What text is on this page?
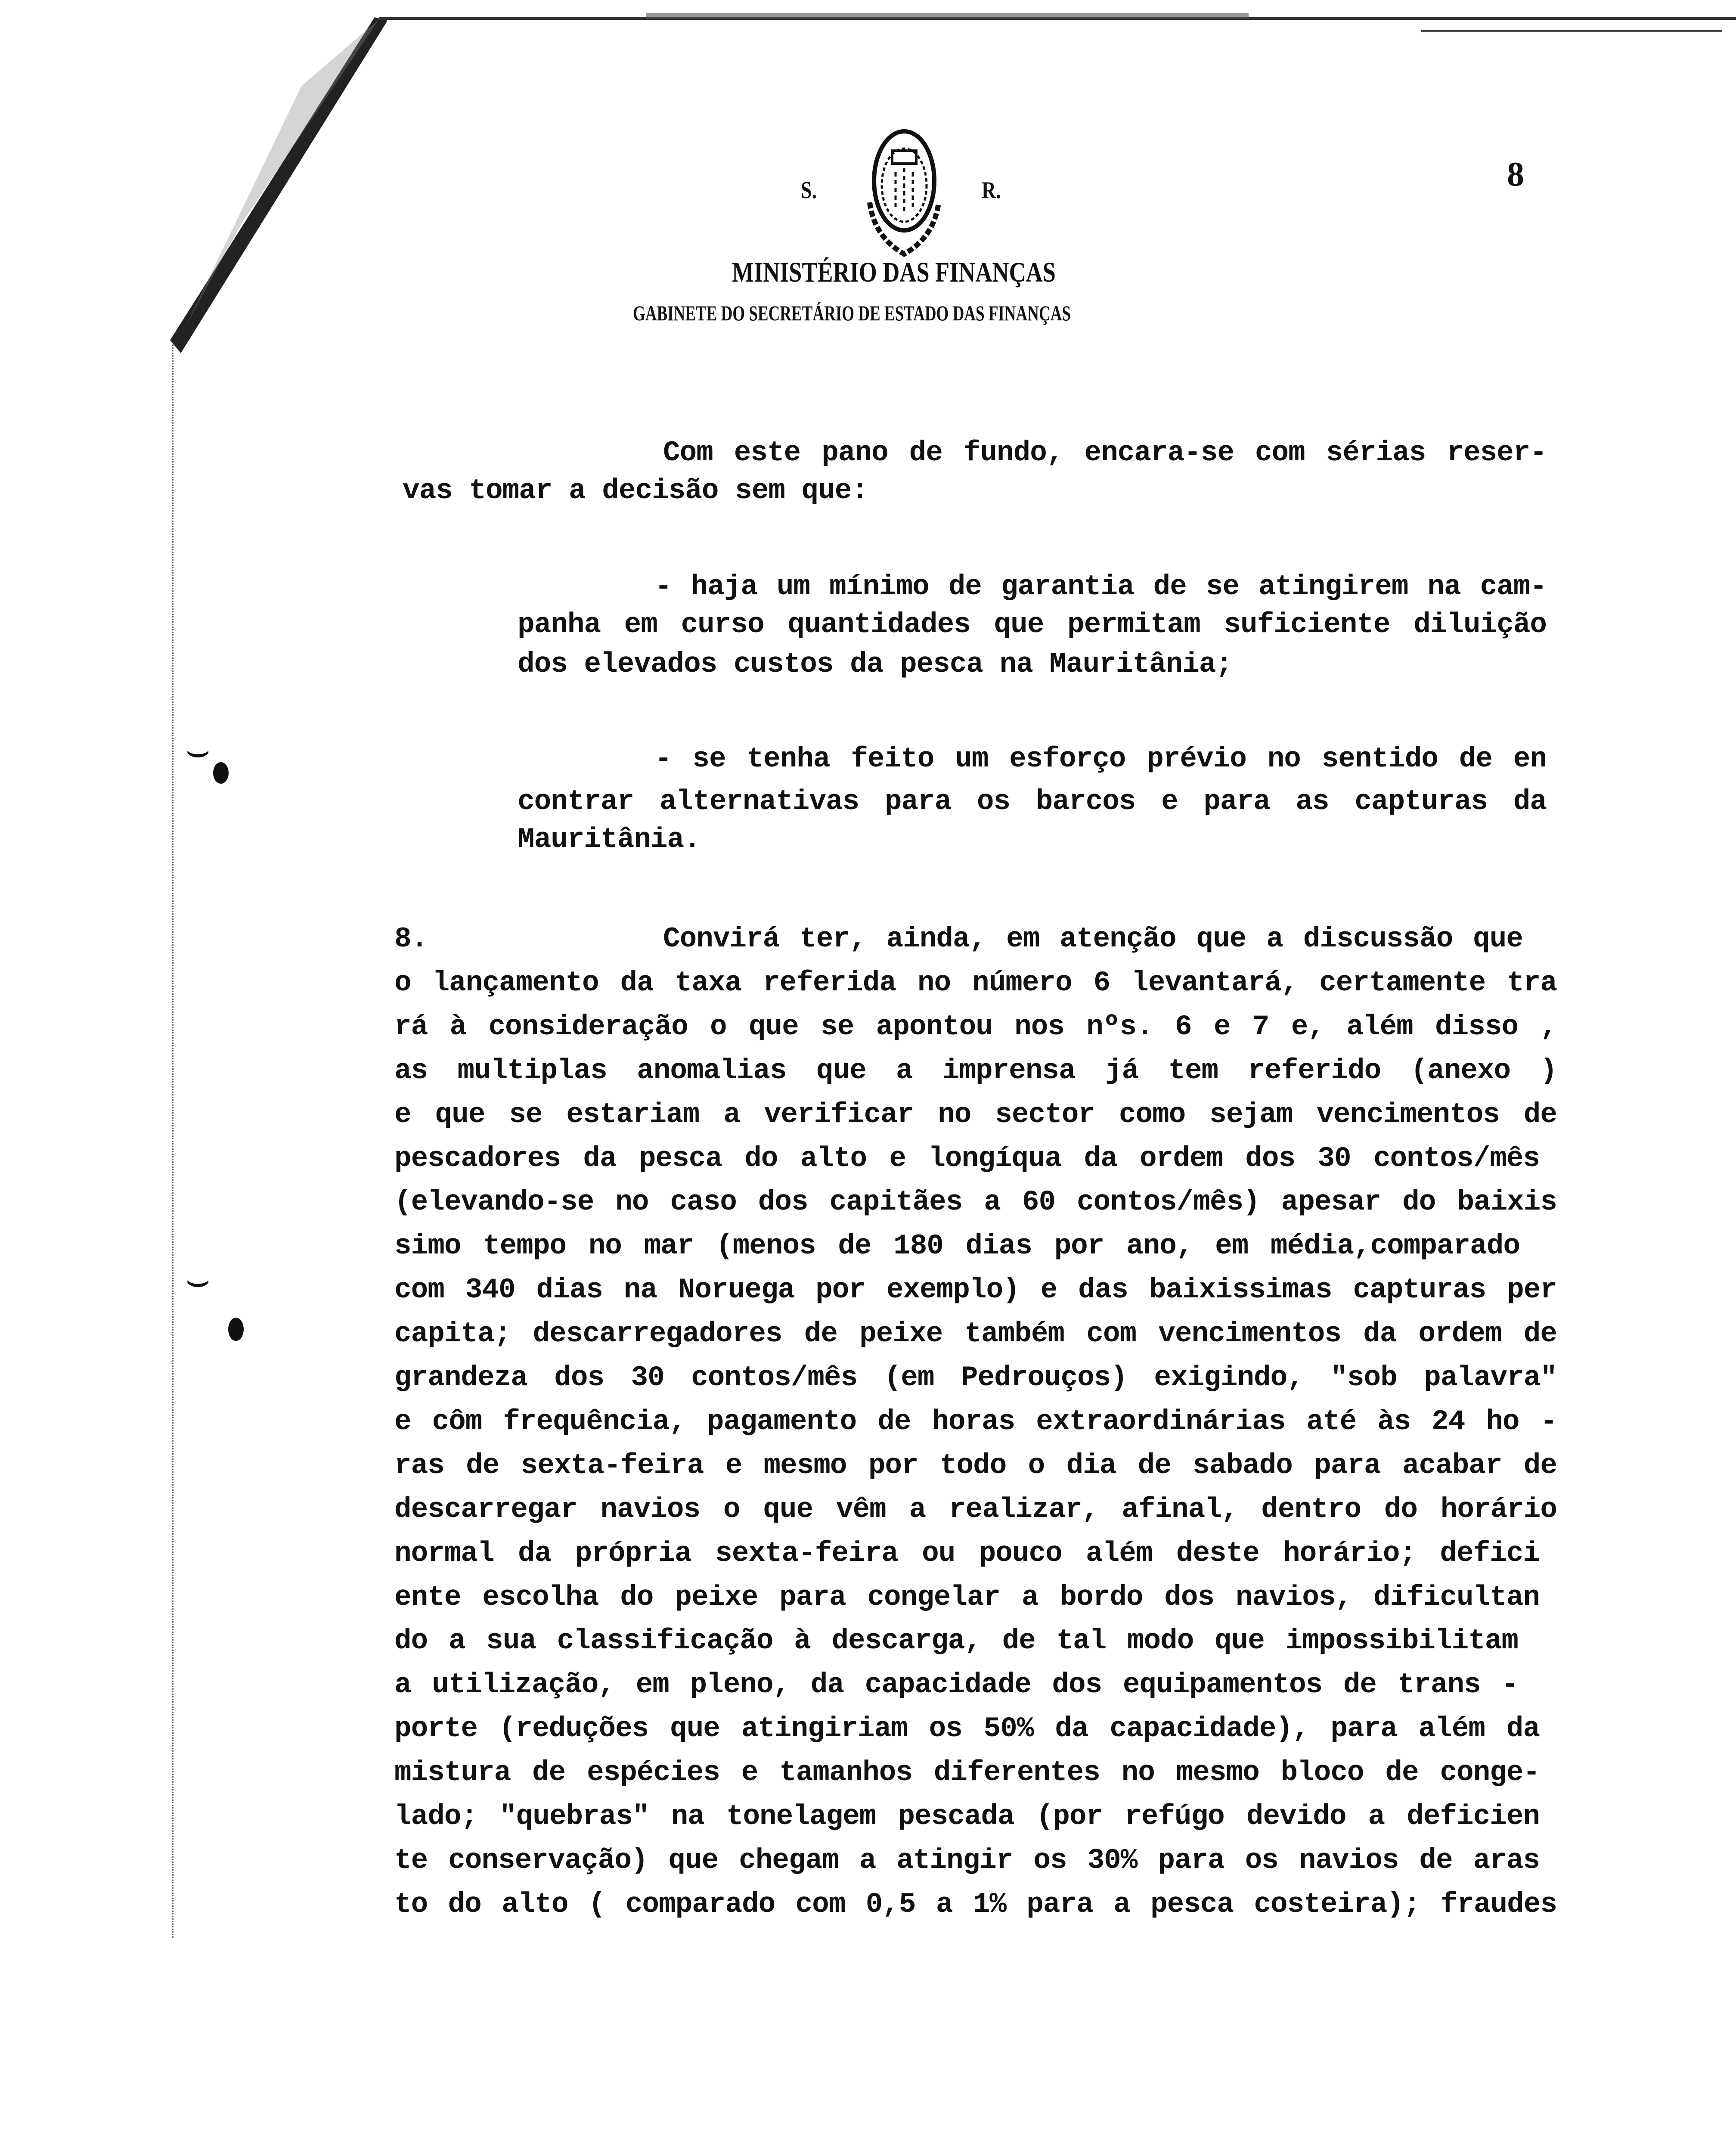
⌣
⌣
8
S.	R.
MINISTÉRIO DAS FINANÇAS
GABINETE DO SECRETÁRIO DE ESTADO DAS FINANÇAS
Com este pano de fundo, encara-se com sérias reser-
vas tomar a decisão sem que:
- haja um mínimo de garantia de se atingirem na cam-
panha em curso quantidades que permitam suficiente diluição
dos elevados custos da pesca na Mauritânia;
- se tenha feito um esforço prévio no sentido de en
contrar alternativas para os barcos e para as capturas da
Mauritânia.
8.	Convirá ter, ainda, em atenção que a discussão que
o lançamento da taxa referida no número 6 levantará, certamente tra
rá à consideração o que se apontou nos nºs. 6 e 7 e, além disso ,
as multiplas anomalias que a imprensa já tem referido (anexo )
e que se estariam a verificar no sector como sejam vencimentos de
pescadores da pesca do alto e longíqua da ordem dos 30 contos/mês
(elevando-se no caso dos capitães a 60 contos/mês) apesar do baixis
simo tempo no mar (menos de 180 dias por ano, em média,comparado
com 340 dias na Noruega por exemplo) e das baixissimas capturas per
capita; descarregadores de peixe também com vencimentos da ordem de
grandeza dos 30 contos/mês (em Pedrouços) exigindo, "sob palavra"
e côm frequência, pagamento de horas extraordinárias até às 24 ho -
ras de sexta-feira e mesmo por todo o dia de sabado para acabar de
descarregar navios o que vêm a realizar, afinal, dentro do horário
normal da própria sexta-feira ou pouco além deste horário; defici
ente escolha do peixe para congelar a bordo dos navios, dificultan
do a sua classificação à descarga, de tal modo que impossibilitam
a utilização, em pleno, da capacidade dos equipamentos de trans -
porte (reduções que atingiriam os 50% da capacidade), para além da
mistura de espécies e tamanhos diferentes no mesmo bloco de conge-
lado; "quebras" na tonelagem pescada (por refúgo devido a deficien
te conservação) que chegam a atingir os 30% para os navios de aras
to do alto ( comparado com 0,5 a 1% para a pesca costeira); fraudes
